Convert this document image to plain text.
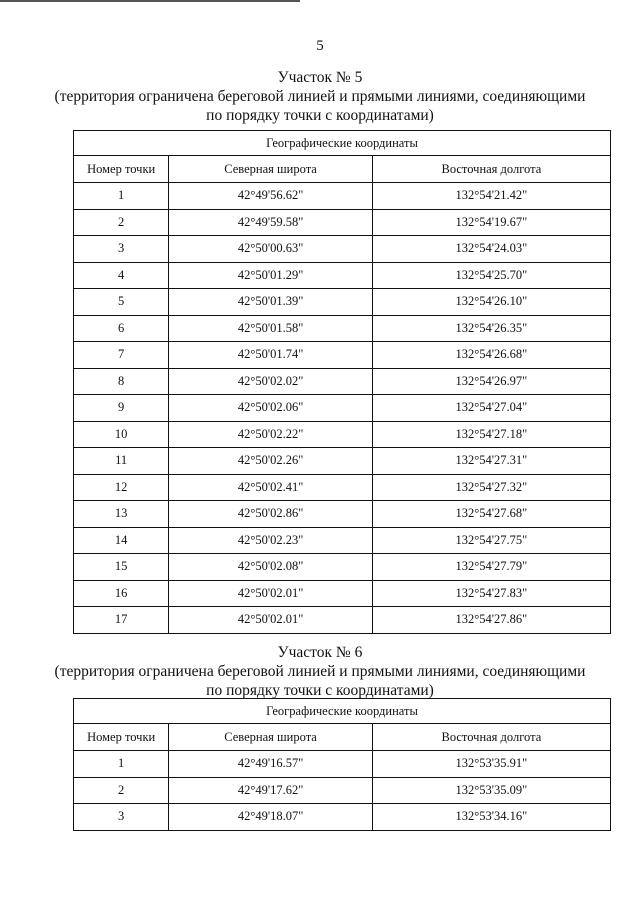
5
Участок № 5
(территория ограничена береговой линией и прямыми линиями, соединяющими
по порядку точки с координатами)
Географические координаты		
Номер точки	Северная широта	Восточная долгота
1	42°49'56.62"	132°54'21.42"
2	42°49'59.58"	132°54'19.67"
3	42°50'00.63"	132°54'24.03"
4	42°50'01.29"	132°54'25.70"
5	42°50'01.39"	132°54'26.10"
6	42°50'01.58"	132°54'26.35"
7	42°50'01.74"	132°54'26.68"
8	42°50'02.02"	132°54'26.97"
9	42°50'02.06"	132°54'27.04"
10	42°50'02.22"	132°54'27.18"
11	42°50'02.26"	132°54'27.31"
12	42°50'02.41"	132°54'27.32"
13	42°50'02.86"	132°54'27.68"
14	42°50'02.23"	132°54'27.75"
15	42°50'02.08"	132°54'27.79"
16	42°50'02.01"	132°54'27.83"
17	42°50'02.01"	132°54'27.86"
Участок № 6
(территория ограничена береговой линией и прямыми линиями, соединяющими
по порядку точки с координатами)
Географические координаты		
Номер точки	Северная широта	Восточная долгота
1	42°49'16.57"	132°53'35.91"
2	42°49'17.62"	132°53'35.09"
3	42°49'18.07"	132°53'34.16"
